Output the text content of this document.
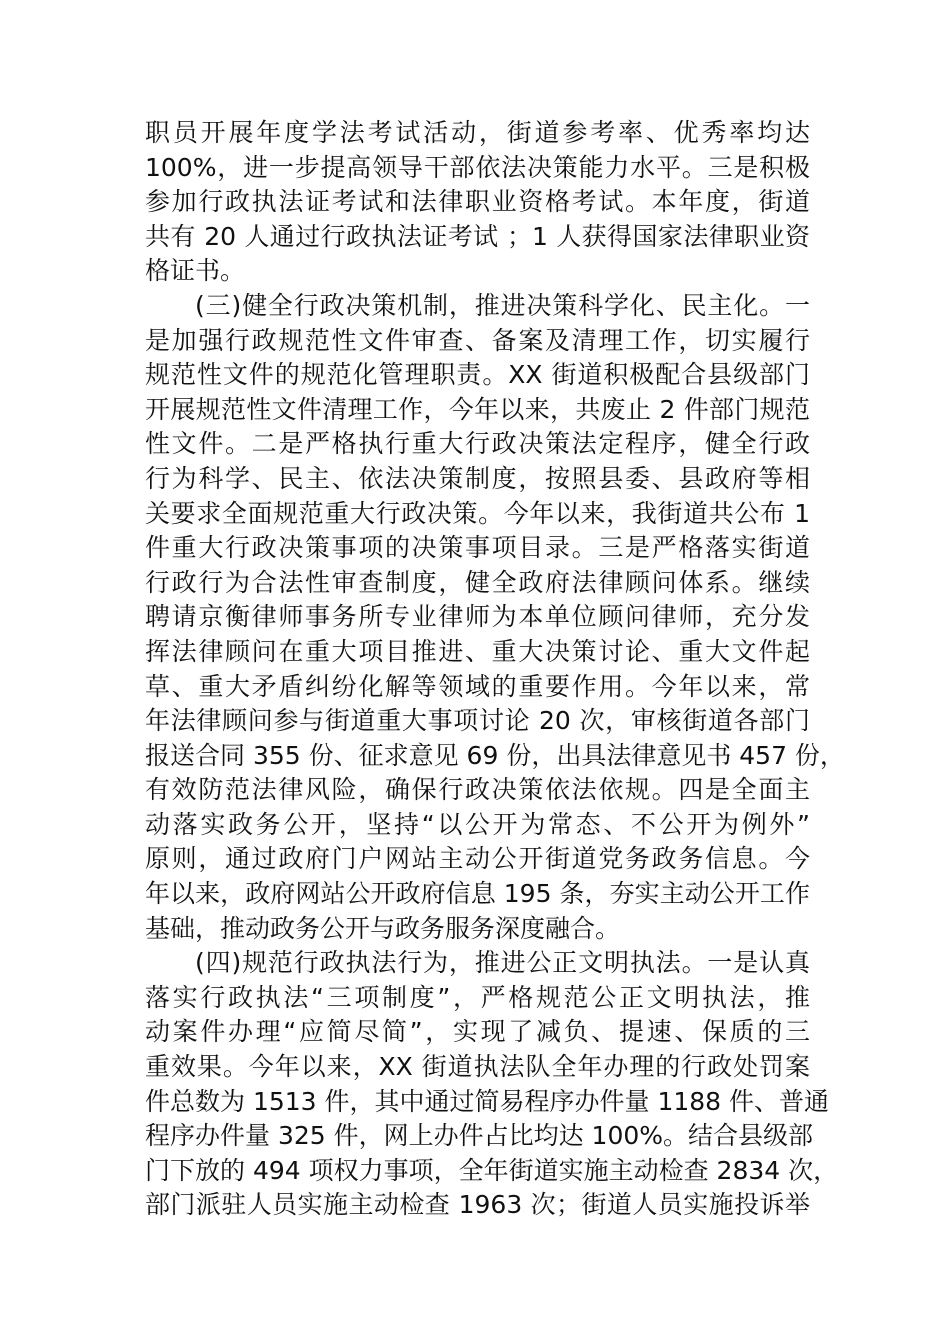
职员开展年度学法考试活动，街道参考率、优秀率均达
100%，进一步提高领导干部依法决策能力水平。三是积极
参加行政执法证考试和法律职业资格考试。本年度，街道
共有 20 人通过行政执法证考试 ；1 人获得国家法律职业资
格证书。
(三)健全行政决策机制，推进决策科学化、民主化。一
是加强行政规范性文件审查、备案及清理工作，切实履行
规范性文件的规范化管理职责。XX 街道积极配合县级部门
开展规范性文件清理工作，今年以来，共废止 2 件部门规范
性文件。二是严格执行重大行政决策法定程序，健全行政
行为科学、民主、依法决策制度，按照县委、县政府等相
关要求全面规范重大行政决策。今年以来，我街道共公布 1
件重大行政决策事项的决策事项目录。三是严格落实街道
行政行为合法性审查制度，健全政府法律顾问体系。继续
聘请京衡律师事务所专业律师为本单位顾问律师，充分发
挥法律顾问在重大项目推进、重大决策讨论、重大文件起
草、重大矛盾纠纷化解等领域的重要作用。今年以来，常
年法律顾问参与街道重大事项讨论 20 次，审核街道各部门
报送合同 355 份、征求意见 69 份，出具法律意见书 457 份，
有效防范法律风险，确保行政决策依法依规。四是全面主
动落实政务公开，坚持“以公开为常态、不公开为例外”
原则，通过政府门户网站主动公开街道党务政务信息。今
年以来，政府网站公开政府信息 195 条，夯实主动公开工作
基础，推动政务公开与政务服务深度融合。
(四)规范行政执法行为，推进公正文明执法。一是认真
落实行政执法“三项制度”，严格规范公正文明执法，推
动案件办理“应简尽简”，实现了减负、提速、保质的三
重效果。今年以来，XX 街道执法队全年办理的行政处罚案
件总数为 1513 件，其中通过简易程序办件量 1188 件、普通
程序办件量 325 件，网上办件占比均达 100%。结合县级部
门下放的 494 项权力事项，全年街道实施主动检查 2834 次，
部门派驻人员实施主动检查 1963 次；街道人员实施投诉举
